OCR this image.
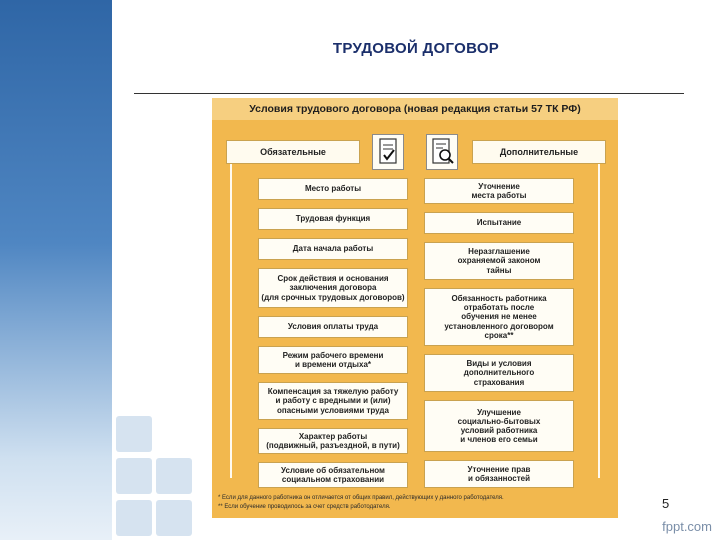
ТРУДОВОЙ ДОГОВОР
Условия трудового договора (новая редакция статьи 57 ТК РФ)
Обязательные	Дополнительные
Место работы
Трудовая функция
Дата начала работы
Срок действия и основания
заключения договора
(для срочных трудовых договоров)
Условия оплаты труда
Режим рабочего времени
и времени отдыха*
Компенсация за тяжелую работу
и работу с вредными и (или)
опасными условиями труда
Характер работы
(подвижный, разъездной, в пути)
Условие об обязательном
социальном страховании
Уточнение
места работы
Испытание
Неразглашение
охраняемой законом
тайны
Обязанность работника
отработать после
обучения не менее
установленного договором
срока**
Виды и условия
дополнительного
страхования
Улучшение
социально-бытовых
условий работника
и членов его семьи
Уточнение прав
и обязанностей
* Если для данного работника он отличается от общих правил, действующих у данного работодателя.
** Если обучение проводилось за счет средств работодателя.	5
fppt.com
